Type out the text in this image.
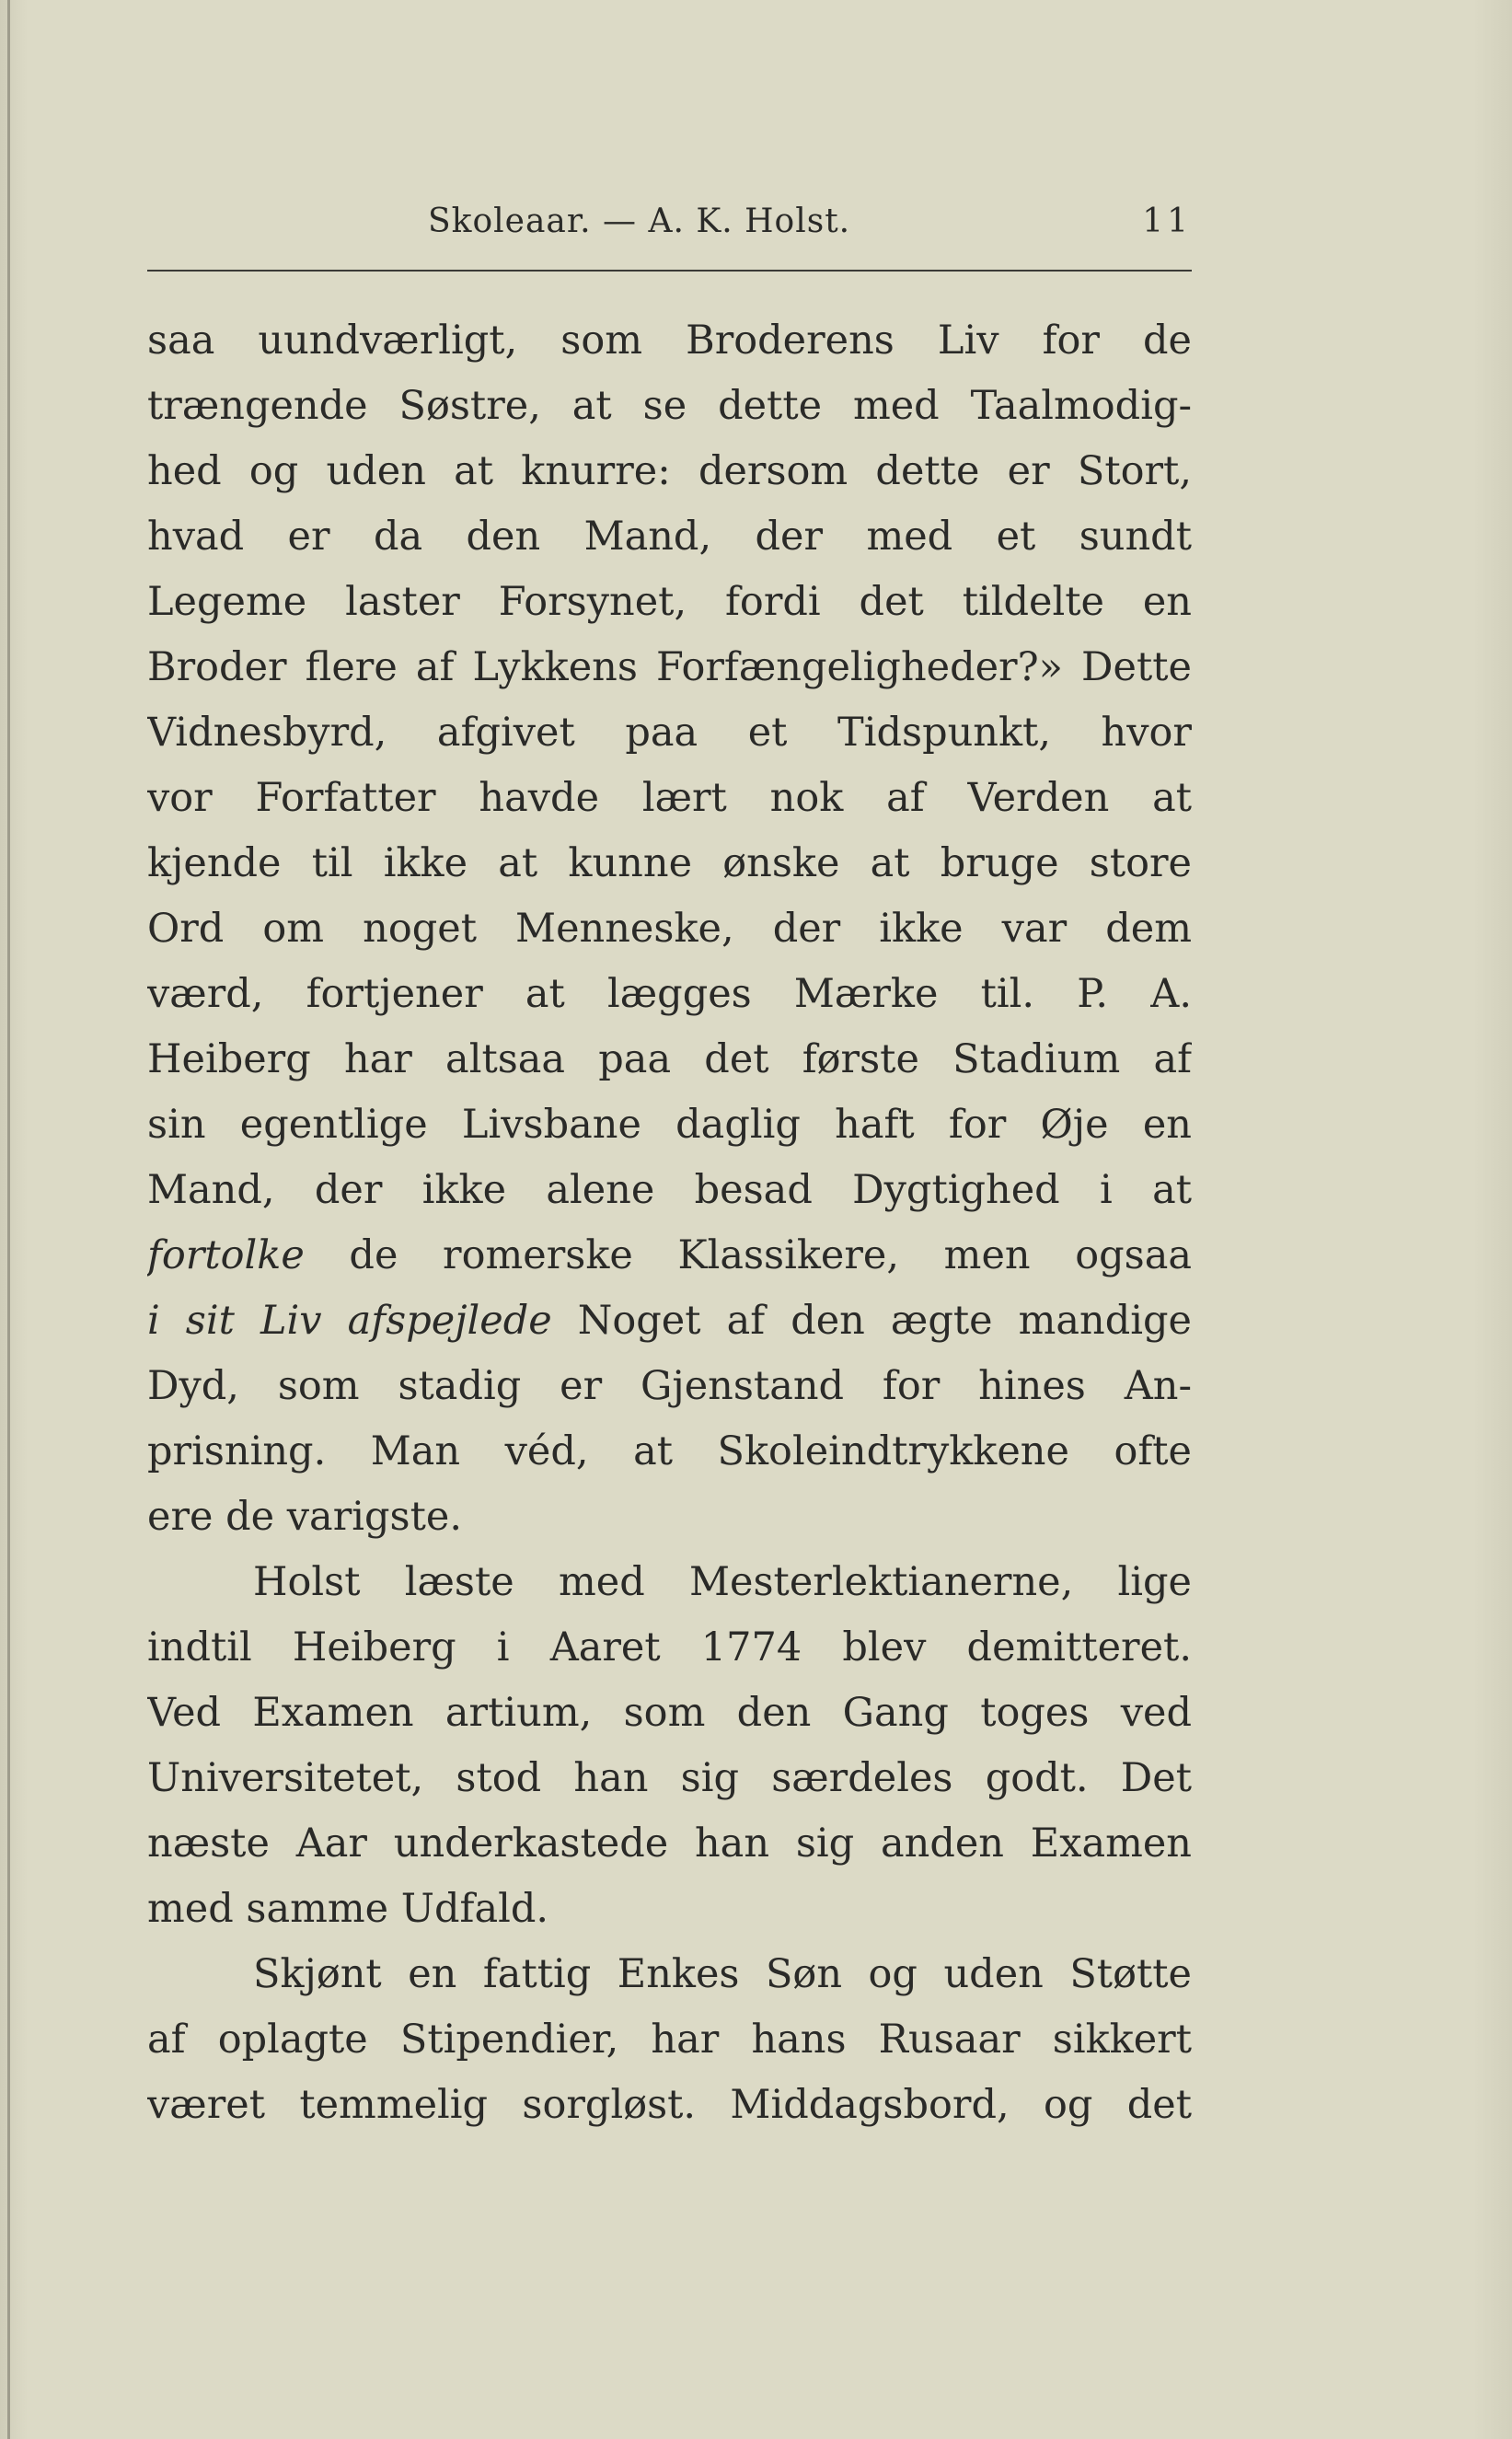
Skoleaar. — A. K. Holst.	11
saa uundværligt, som Broderens Liv for de
trængende Søstre, at se dette med Taalmodig-
hed og uden at knurre: dersom dette er Stort,
hvad er da den Mand, der med et sundt
Legeme laster Forsynet, fordi det tildelte en
Broder flere af Lykkens Forfængeligheder?» Dette
Vidnesbyrd, afgivet paa et Tidspunkt, hvor
vor Forfatter havde lært nok af Verden at
kjende til ikke at kunne ønske at bruge store
Ord om noget Menneske, der ikke var dem
værd, fortjener at lægges Mærke til. P. A.
Heiberg har altsaa paa det første Stadium af
sin egentlige Livsbane daglig haft for Øje en
Mand, der ikke alene besad Dygtighed i at
fortolke de romerske Klassikere, men ogsaa
i sit Liv afspejlede Noget af den ægte mandige
Dyd, som stadig er Gjenstand for hines An-
prisning. Man véd, at Skoleindtrykkene ofte
ere de varigste.
Holst læste med Mesterlektianerne, lige
indtil Heiberg i Aaret 1774 blev demitteret.
Ved Examen artium, som den Gang toges ved
Universitetet, stod han sig særdeles godt. Det
næste Aar underkastede han sig anden Examen
med samme Udfald.
Skjønt en fattig Enkes Søn og uden Støtte
af oplagte Stipendier, har hans Rusaar sikkert
været temmelig sorgløst. Middagsbord, og det
